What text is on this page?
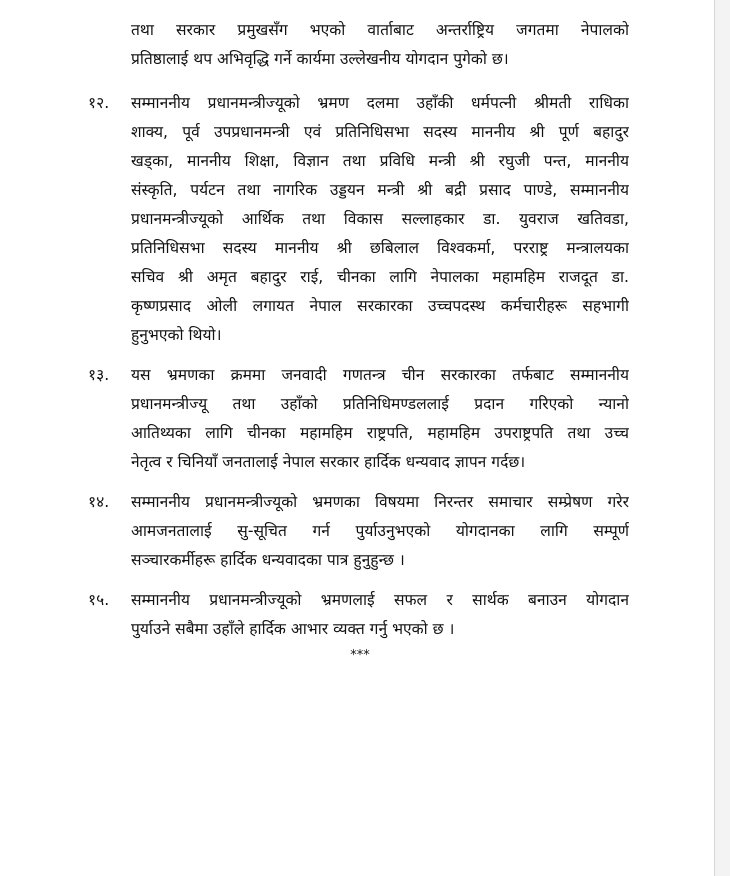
तथा सरकार प्रमुखसँग भएको वार्ताबाट अन्तर्राष्ट्रिय जगतमा नेपालको
प्रतिष्ठालाई थप अभिवृद्धि गर्ने कार्यमा उल्लेखनीय योगदान पुगेको छ।
१२. सम्माननीय प्रधानमन्त्रीज्यूको भ्रमण दलमा उहाँकी धर्मपत्नी श्रीमती राधिका
शाक्य, पूर्व उपप्रधानमन्त्री एवं प्रतिनिधिसभा सदस्य माननीय श्री पूर्ण बहादुर
खड्का, माननीय शिक्षा, विज्ञान तथा प्रविधि मन्त्री श्री रघुजी पन्त, माननीय
संस्कृति, पर्यटन तथा नागरिक उड्डयन मन्त्री श्री बद्री प्रसाद पाण्डे, सम्माननीय
प्रधानमन्त्रीज्यूको आर्थिक तथा विकास सल्लाहकार डा. युवराज खतिवडा,
प्रतिनिधिसभा सदस्य माननीय श्री छबिलाल विश्वकर्मा, परराष्ट्र मन्त्रालयका
सचिव श्री अमृत बहादुर राई, चीनका लागि नेपालका महामहिम राजदूत डा.
कृष्णप्रसाद ओली लगायत नेपाल सरकारका उच्चपदस्थ कर्मचारीहरू सहभागी
हुनुभएको थियो।
१३. यस भ्रमणका क्रममा जनवादी गणतन्त्र चीन सरकारका तर्फबाट सम्माननीय
प्रधानमन्त्रीज्यू तथा उहाँको प्रतिनिधिमण्डललाई प्रदान गरिएको न्यानो
आतिथ्यका लागि चीनका महामहिम राष्ट्रपति, महामहिम उपराष्ट्रपति तथा उच्च
नेतृत्व र चिनियाँ जनतालाई नेपाल सरकार हार्दिक धन्यवाद ज्ञापन गर्दछ।
१४. सम्माननीय प्रधानमन्त्रीज्यूको भ्रमणका विषयमा निरन्तर समाचार सम्प्रेषण गरेर
आमजनतालाई सु-सूचित गर्न पुर्याउनुभएको योगदानका लागि सम्पूर्ण
सञ्चारकर्मीहरू हार्दिक धन्यवादका पात्र हुनुहुन्छ ।
१५. सम्माननीय प्रधानमन्त्रीज्यूको भ्रमणलाई सफल र सार्थक बनाउन योगदान
पुर्याउने सबैमा उहाँले हार्दिक आभार व्यक्त गर्नु भएको छ ।
***
